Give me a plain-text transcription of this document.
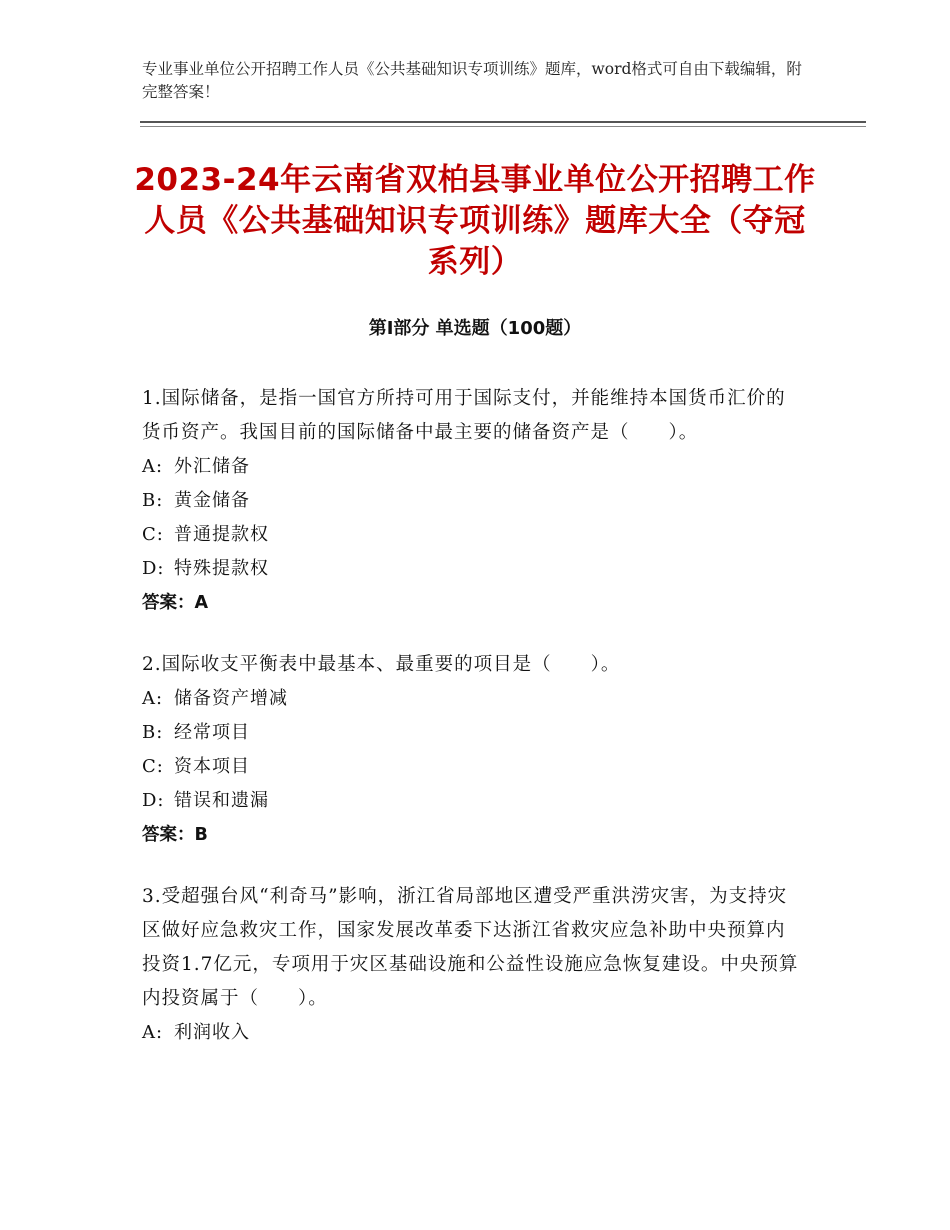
专业事业单位公开招聘工作人员《公共基础知识专项训练》题库，word格式可自由下载编辑，附完整答案！
2023-24年云南省双柏县事业单位公开招聘工作人员《公共基础知识专项训练》题库大全（夺冠系列）
第Ⅰ部分 单选题（100题）

1.国际储备，是指一国官方所持可用于国际支付，并能维持本国货币汇价的货币资产。我国目前的国际储备中最主要的储备资产是（　　）。

A: 外汇储备

B: 黄金储备

C: 普通提款权

D: 特殊提款权

答案：A

2.国际收支平衡表中最基本、最重要的项目是（　　）。

A: 储备资产增减

B: 经常项目

C: 资本项目

D: 错误和遗漏

答案：B

3.受超强台风“利奇马”影响，浙江省局部地区遭受严重洪涝灾害，为支持灾区做好应急救灾工作，国家发展改革委下达浙江省救灾应急补助中央预算内投资1.7亿元，专项用于灾区基础设施和公益性设施应急恢复建设。中央预算内投资属于（　　）。

A: 利润收入
